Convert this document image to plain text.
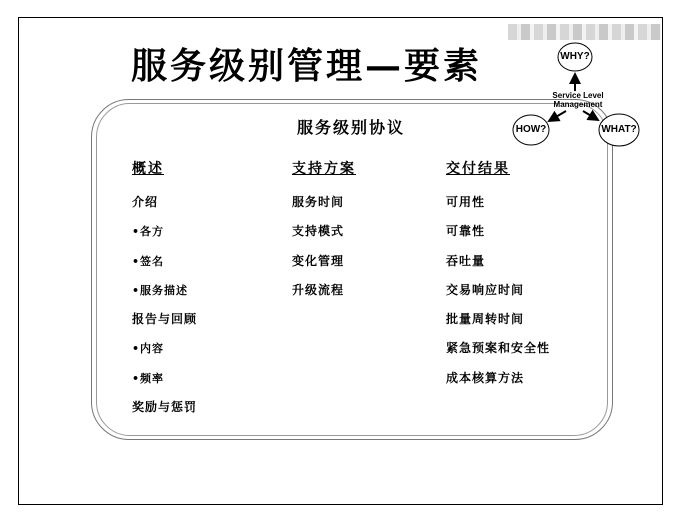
服务级别管理—要素
服务级别协议
概述
介绍
•各方
•签名
•服务描述
报告与回顾
•内容
•频率
奖励与惩罚
支持方案
服务时间
支持模式
变化管理
升级流程
交付结果
可用性
可靠性
吞吐量
交易响应时间
批量周转时间
紧急预案和安全性
成本核算方法
WHY?
HOW?	WHAT?
Service Level Management
